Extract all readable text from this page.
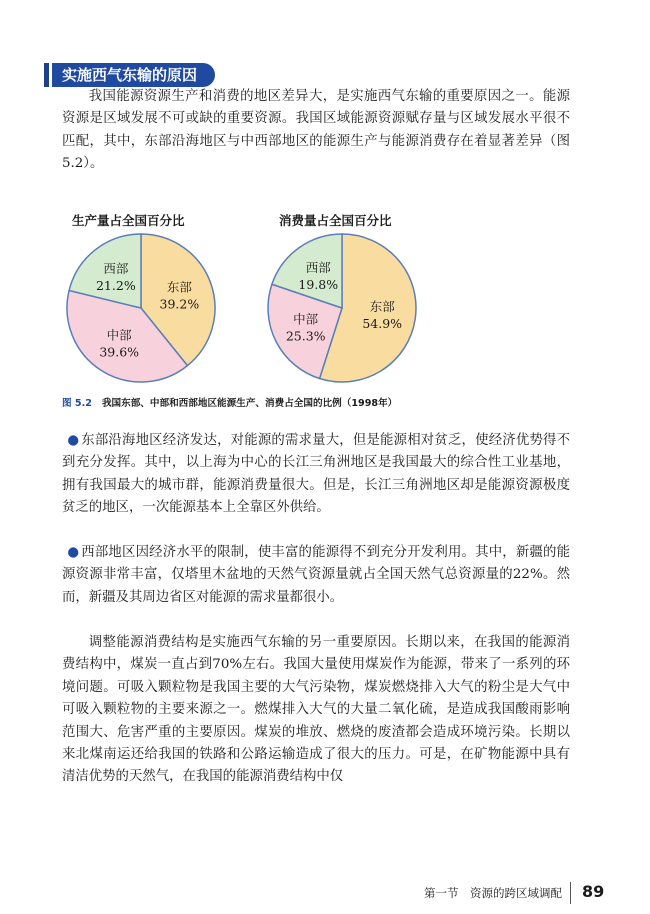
实施西气东输的原因

我国能源资源生产和消费的地区差异大，是实施西气东输的重要原因之一。能源资源是区域发展不可或缺的重要资源。我国区域能源资源赋存量与区域发展水平很不匹配，其中，东部沿海地区与中西部地区的能源生产与能源消费存在着显著差异（图5.2）。

生产量占全国百分比	消费量占全国百分比
东部
39.2%
中部
39.6%
西部
21.2%
东部
54.9%
中部
25.3%
西部
19.8%
图 5.2 我国东部、中部和西部地区能源生产、消费占全国的比例（1998年）

● 东部沿海地区经济发达，对能源的需求量大，但是能源相对贫乏，使经济优势得不到充分发挥。其中，以上海为中心的长江三角洲地区是我国最大的综合性工业基地，拥有我国最大的城市群，能源消费量很大。但是，长江三角洲地区却是能源资源极度贫乏的地区，一次能源基本上全靠区外供给。

● 西部地区因经济水平的限制，使丰富的能源得不到充分开发利用。其中，新疆的能源资源非常丰富，仅塔里木盆地的天然气资源量就占全国天然气总资源量的22%。然而，新疆及其周边省区对能源的需求量都很小。

调整能源消费结构是实施西气东输的另一重要原因。长期以来，在我国的能源消费结构中，煤炭一直占到70%左右。我国大量使用煤炭作为能源，带来了一系列的环境问题。可吸入颗粒物是我国主要的大气污染物，煤炭燃烧排入大气的粉尘是大气中可吸入颗粒物的主要来源之一。燃煤排入大气的大量二氧化硫，是造成我国酸雨影响范围大、危害严重的主要原因。煤炭的堆放、燃烧的废渣都会造成环境污染。长期以来北煤南运还给我国的铁路和公路运输造成了很大的压力。可是，在矿物能源中具有清洁优势的天然气，在我国的能源消费结构中仅

第一节　资源的跨区域调配 89
